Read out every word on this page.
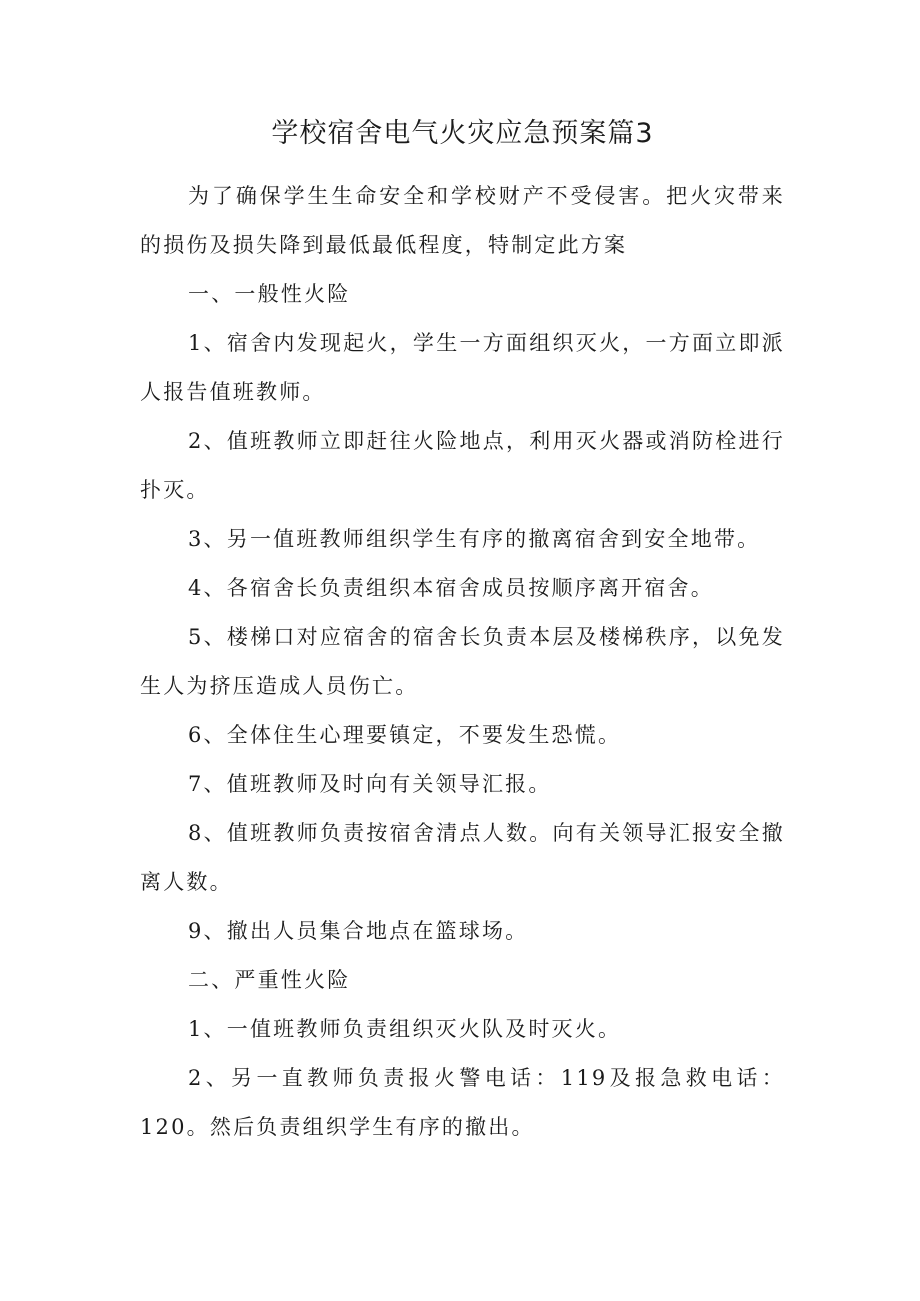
学校宿舍电气火灾应急预案篇3

为了确保学生生命安全和学校财产不受侵害。把火灾带来的损伤及损失降到最低最低程度，特制定此方案

一、一般性火险

1、宿舍内发现起火，学生一方面组织灭火，一方面立即派人报告值班教师。

2、值班教师立即赶往火险地点，利用灭火器或消防栓进行扑灭。

3、另一值班教师组织学生有序的撤离宿舍到安全地带。

4、各宿舍长负责组织本宿舍成员按顺序离开宿舍。

5、楼梯口对应宿舍的宿舍长负责本层及楼梯秩序，以免发生人为挤压造成人员伤亡。

6、全体住生心理要镇定，不要发生恐慌。

7、值班教师及时向有关领导汇报。

8、值班教师负责按宿舍清点人数。向有关领导汇报安全撤离人数。

9、撤出人员集合地点在篮球场。

二、严重性火险

1、一值班教师负责组织灭火队及时灭火。

2、另一直教师负责报火警电话：119及报急救电话：120。然后负责组织学生有序的撤出。
